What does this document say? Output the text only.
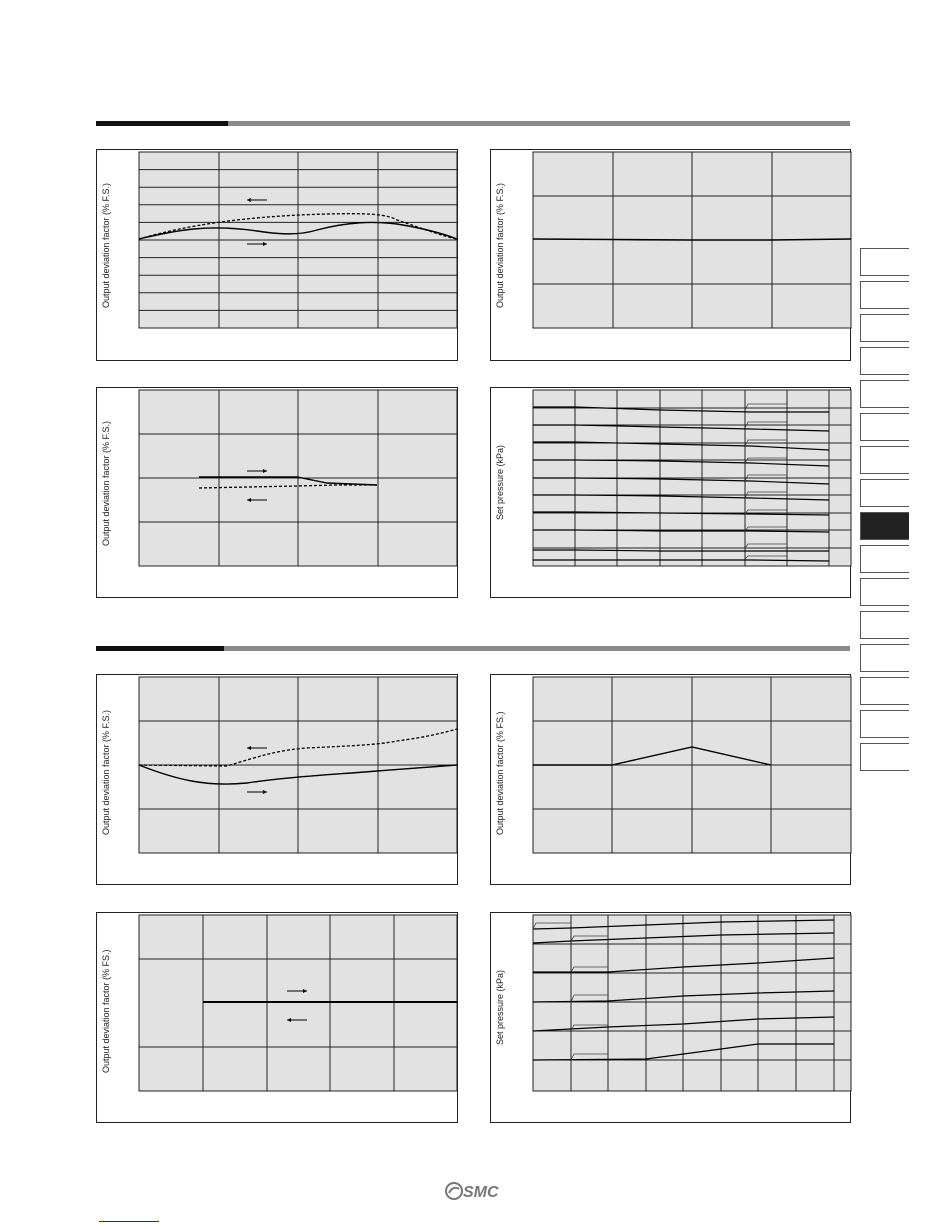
Output deviation factor (% F.S.)	Output deviation factor (% F.S.)
Output deviation factor (% F.S.)	Set pressure (kPa)
Output deviation factor (% F.S.)	Output deviation factor (% FS.)
Output deviation factor (% FS.)	Set pressure (kPa)
SMC
